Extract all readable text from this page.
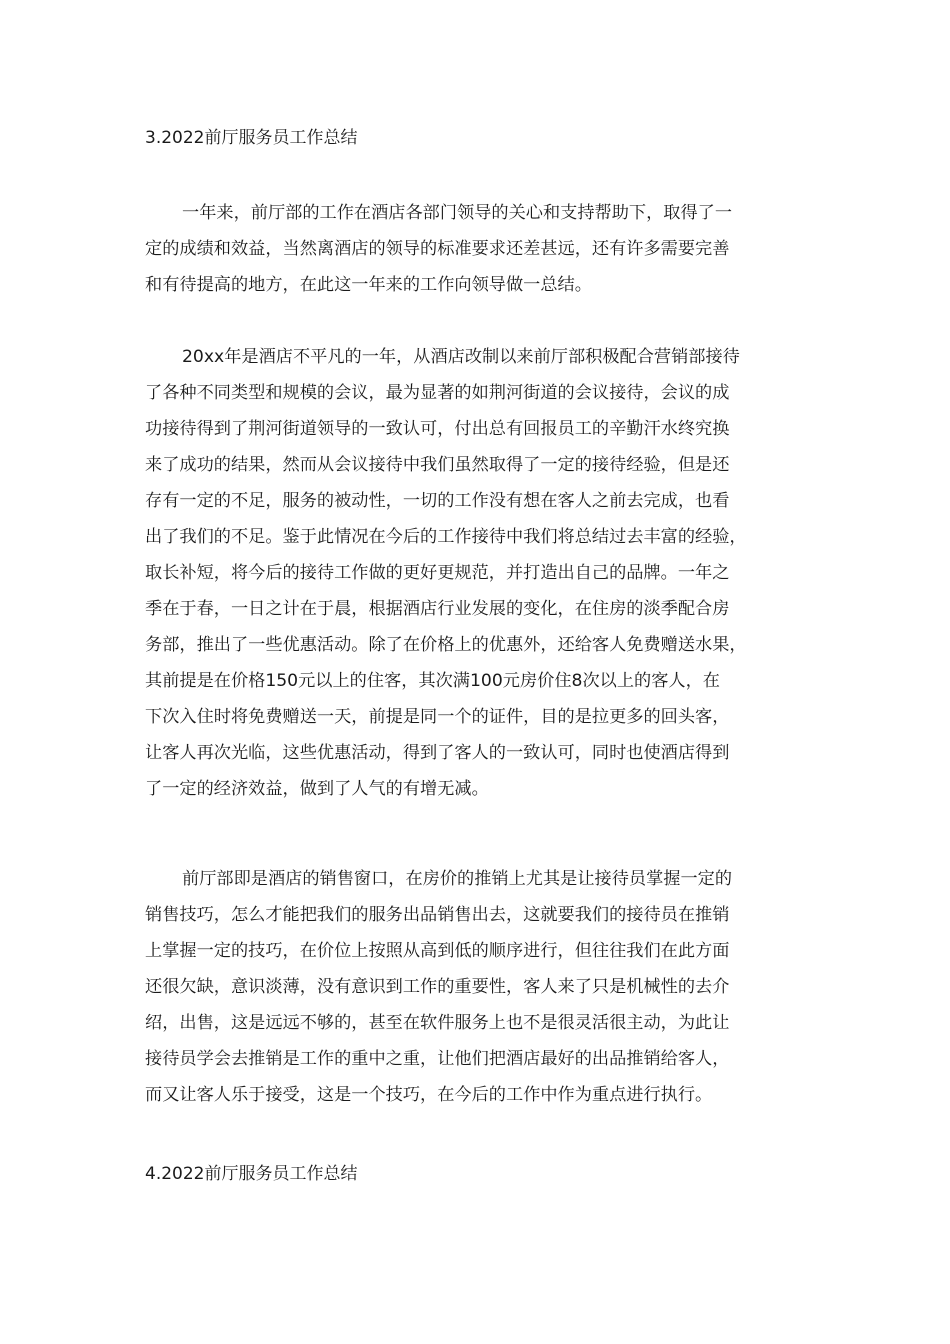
3.2022前厅服务员工作总结
一年来，前厅部的工作在酒店各部门领导的关心和支持帮助下，取得了一
定的成绩和效益，当然离酒店的领导的标准要求还差甚远，还有许多需要完善
和有待提高的地方，在此这一年来的工作向领导做一总结。
20xx年是酒店不平凡的一年，从酒店改制以来前厅部积极配合营销部接待
了各种不同类型和规模的会议，最为显著的如荆河街道的会议接待，会议的成
功接待得到了荆河街道领导的一致认可，付出总有回报员工的辛勤汗水终究换
来了成功的结果，然而从会议接待中我们虽然取得了一定的接待经验，但是还
存有一定的不足，服务的被动性，一切的工作没有想在客人之前去完成，也看
出了我们的不足。鉴于此情况在今后的工作接待中我们将总结过去丰富的经验，
取长补短，将今后的接待工作做的更好更规范，并打造出自己的品牌。一年之
季在于春，一日之计在于晨，根据酒店行业发展的变化，在住房的淡季配合房
务部，推出了一些优惠活动。除了在价格上的优惠外，还给客人免费赠送水果，
其前提是在价格150元以上的住客，其次满100元房价住8次以上的客人，在
下次入住时将免费赠送一天，前提是同一个的证件，目的是拉更多的回头客，
让客人再次光临，这些优惠活动，得到了客人的一致认可，同时也使酒店得到
了一定的经济效益，做到了人气的有增无减。
前厅部即是酒店的销售窗口，在房价的推销上尤其是让接待员掌握一定的
销售技巧，怎么才能把我们的服务出品销售出去，这就要我们的接待员在推销
上掌握一定的技巧，在价位上按照从高到低的顺序进行，但往往我们在此方面
还很欠缺，意识淡薄，没有意识到工作的重要性，客人来了只是机械性的去介
绍，出售，这是远远不够的，甚至在软件服务上也不是很灵活很主动，为此让
接待员学会去推销是工作的重中之重，让他们把酒店最好的出品推销给客人，
而又让客人乐于接受，这是一个技巧，在今后的工作中作为重点进行执行。
4.2022前厅服务员工作总结
